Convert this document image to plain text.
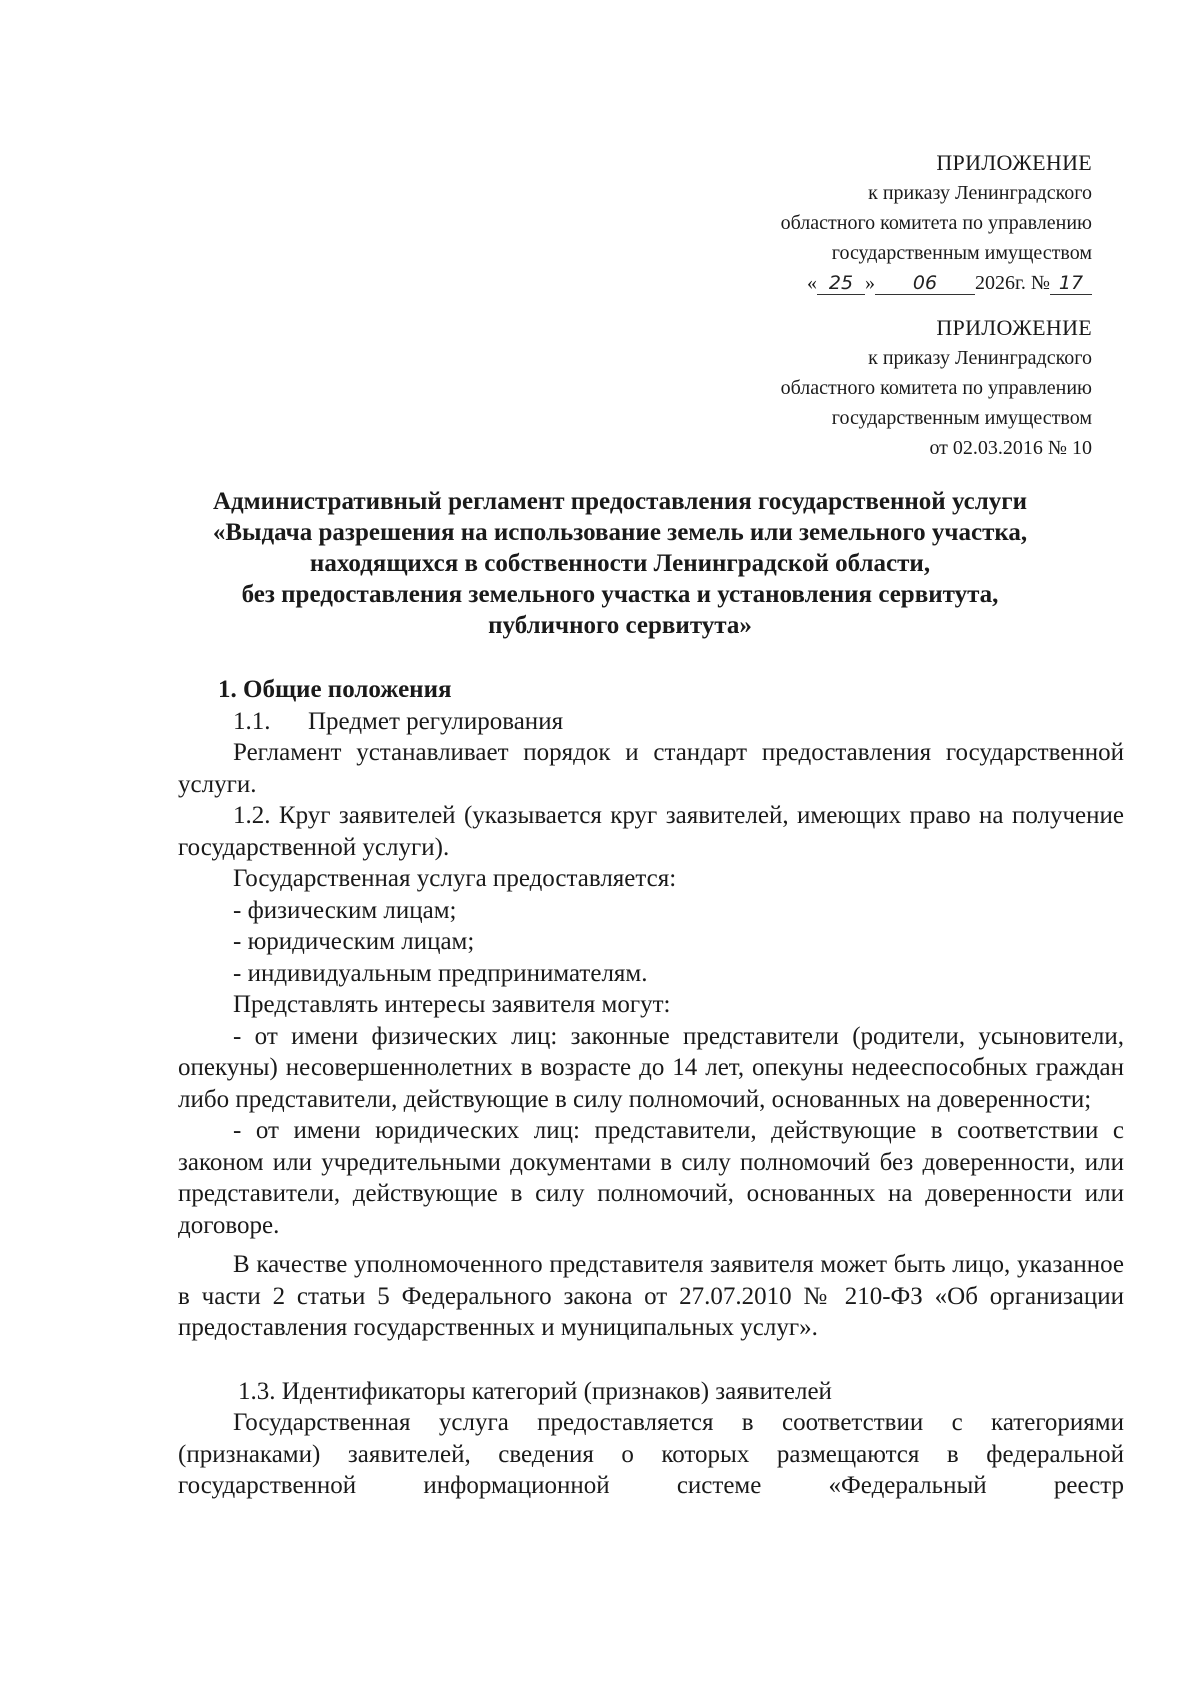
ПРИЛОЖЕНИЕ
к приказу Ленинградского
областного комитета по управлению
государственным имуществом
« 25 » 06 2026г. № 17
ПРИЛОЖЕНИЕ
к приказу Ленинградского
областного комитета по управлению
государственным имуществом
от 02.03.2016 № 10
Административный регламент предоставления государственной услуги
«Выдача разрешения на использование земель или земельного участка,
находящихся в собственности Ленинградской области,
без предоставления земельного участка и установления сервитута,
публичного сервитута»

1. Общие положения

1.1. Предмет регулирования

Регламент устанавливает порядок и стандарт предоставления государственной услуги.

1.2. Круг заявителей (указывается круг заявителей, имеющих право на получение государственной услуги).

Государственная услуга предоставляется:

- физическим лицам;

- юридическим лицам;

- индивидуальным предпринимателям.

Представлять интересы заявителя могут:

- от имени физических лиц: законные представители (родители, усыновители, опекуны) несовершеннолетних в возрасте до 14 лет, опекуны недееспособных граждан либо представители, действующие в силу полномочий, основанных на доверенности;

- от имени юридических лиц: представители, действующие в соответствии с законом или учредительными документами в силу полномочий без доверенности, или представители, действующие в силу полномочий, основанных на доверенности или договоре.

В качестве уполномоченного представителя заявителя может быть лицо, указанное в части 2 статьи 5 Федерального закона от 27.07.2010 № 210-ФЗ «Об организации предоставления государственных и муниципальных услуг».

1.3. Идентификаторы категорий (признаков) заявителей

Государственная услуга предоставляется в соответствии с категориями (признаками) заявителей, сведения о которых размещаются в федеральной государственной информационной системе «Федеральный реестр
